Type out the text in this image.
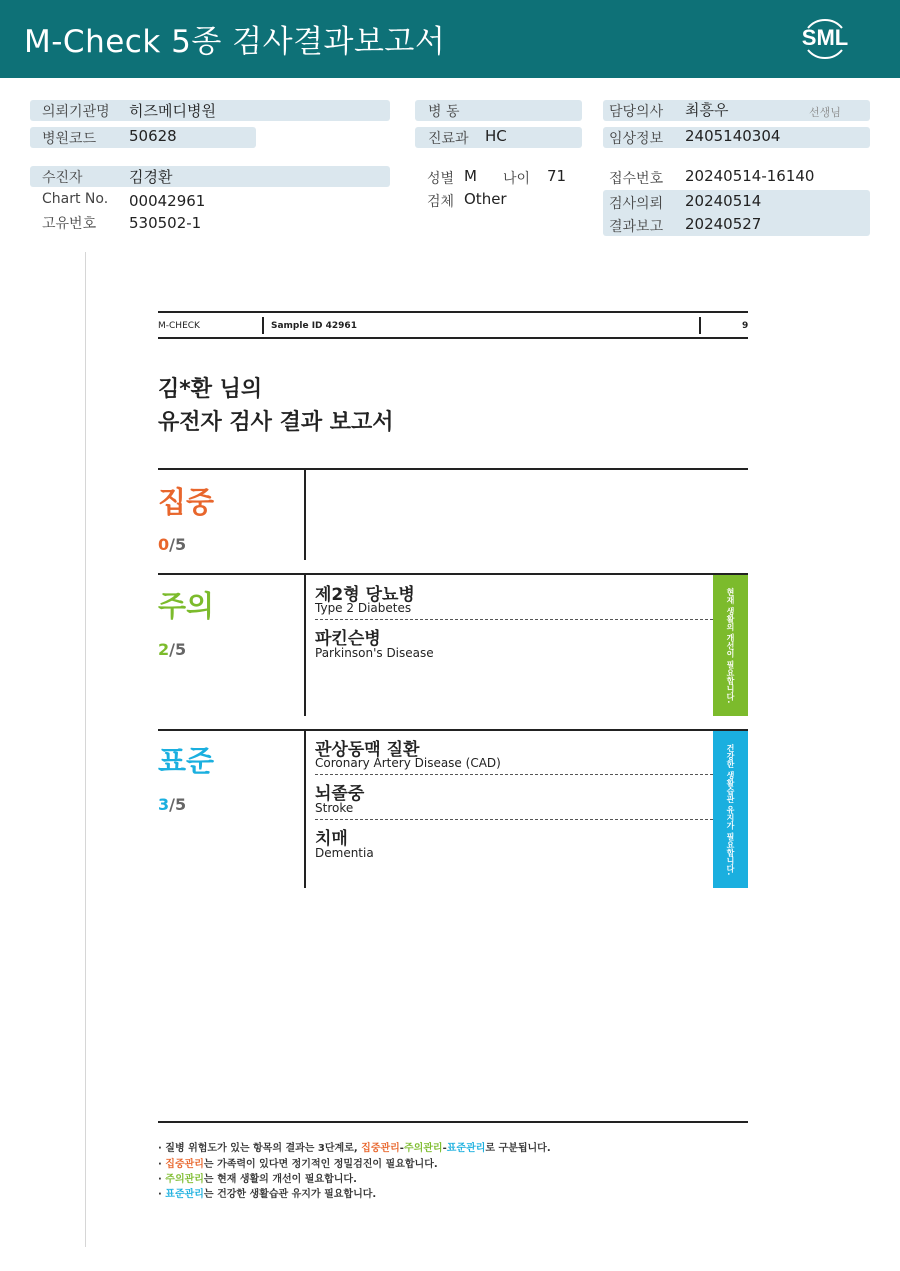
M-Check 5종 검사결과보고서	SML
의뢰기관명 히즈메디병원
병원코드 50628
병 동
진료과 HC
담당의사 최흥우	선생님
임상정보 2405140304
수진자	김경환
Chart No. 00042961
고유번호 530502-1
성별 M 나이 71
검체 Other
접수번호 20240514-16140
검사의뢰 20240514
결과보고 20240527
M-CHECK	Sample ID 42961	9
김*환 님의
유전자 검사 결과 보고서
집중
0/5
주의
2/5
제2형 당뇨병
Type 2 Diabetes
파킨슨병
Parkinson's Disease	현재 생활의 개선이 필요합니다.
표준
3/5
관상동맥 질환
Coronary Artery Disease (CAD)
뇌졸중
Stroke
치매
Dementia	건강한 생활습관 유지가 필요합니다.
· 질병 위험도가 있는 항목의 결과는 3단계로, 집중관리-주의관리-표준관리로 구분됩니다.
· 집중관리는 가족력이 있다면 정기적인 정밀검진이 필요합니다.
· 주의관리는 현재 생활의 개선이 필요합니다.
· 표준관리는 건강한 생활습관 유지가 필요합니다.
